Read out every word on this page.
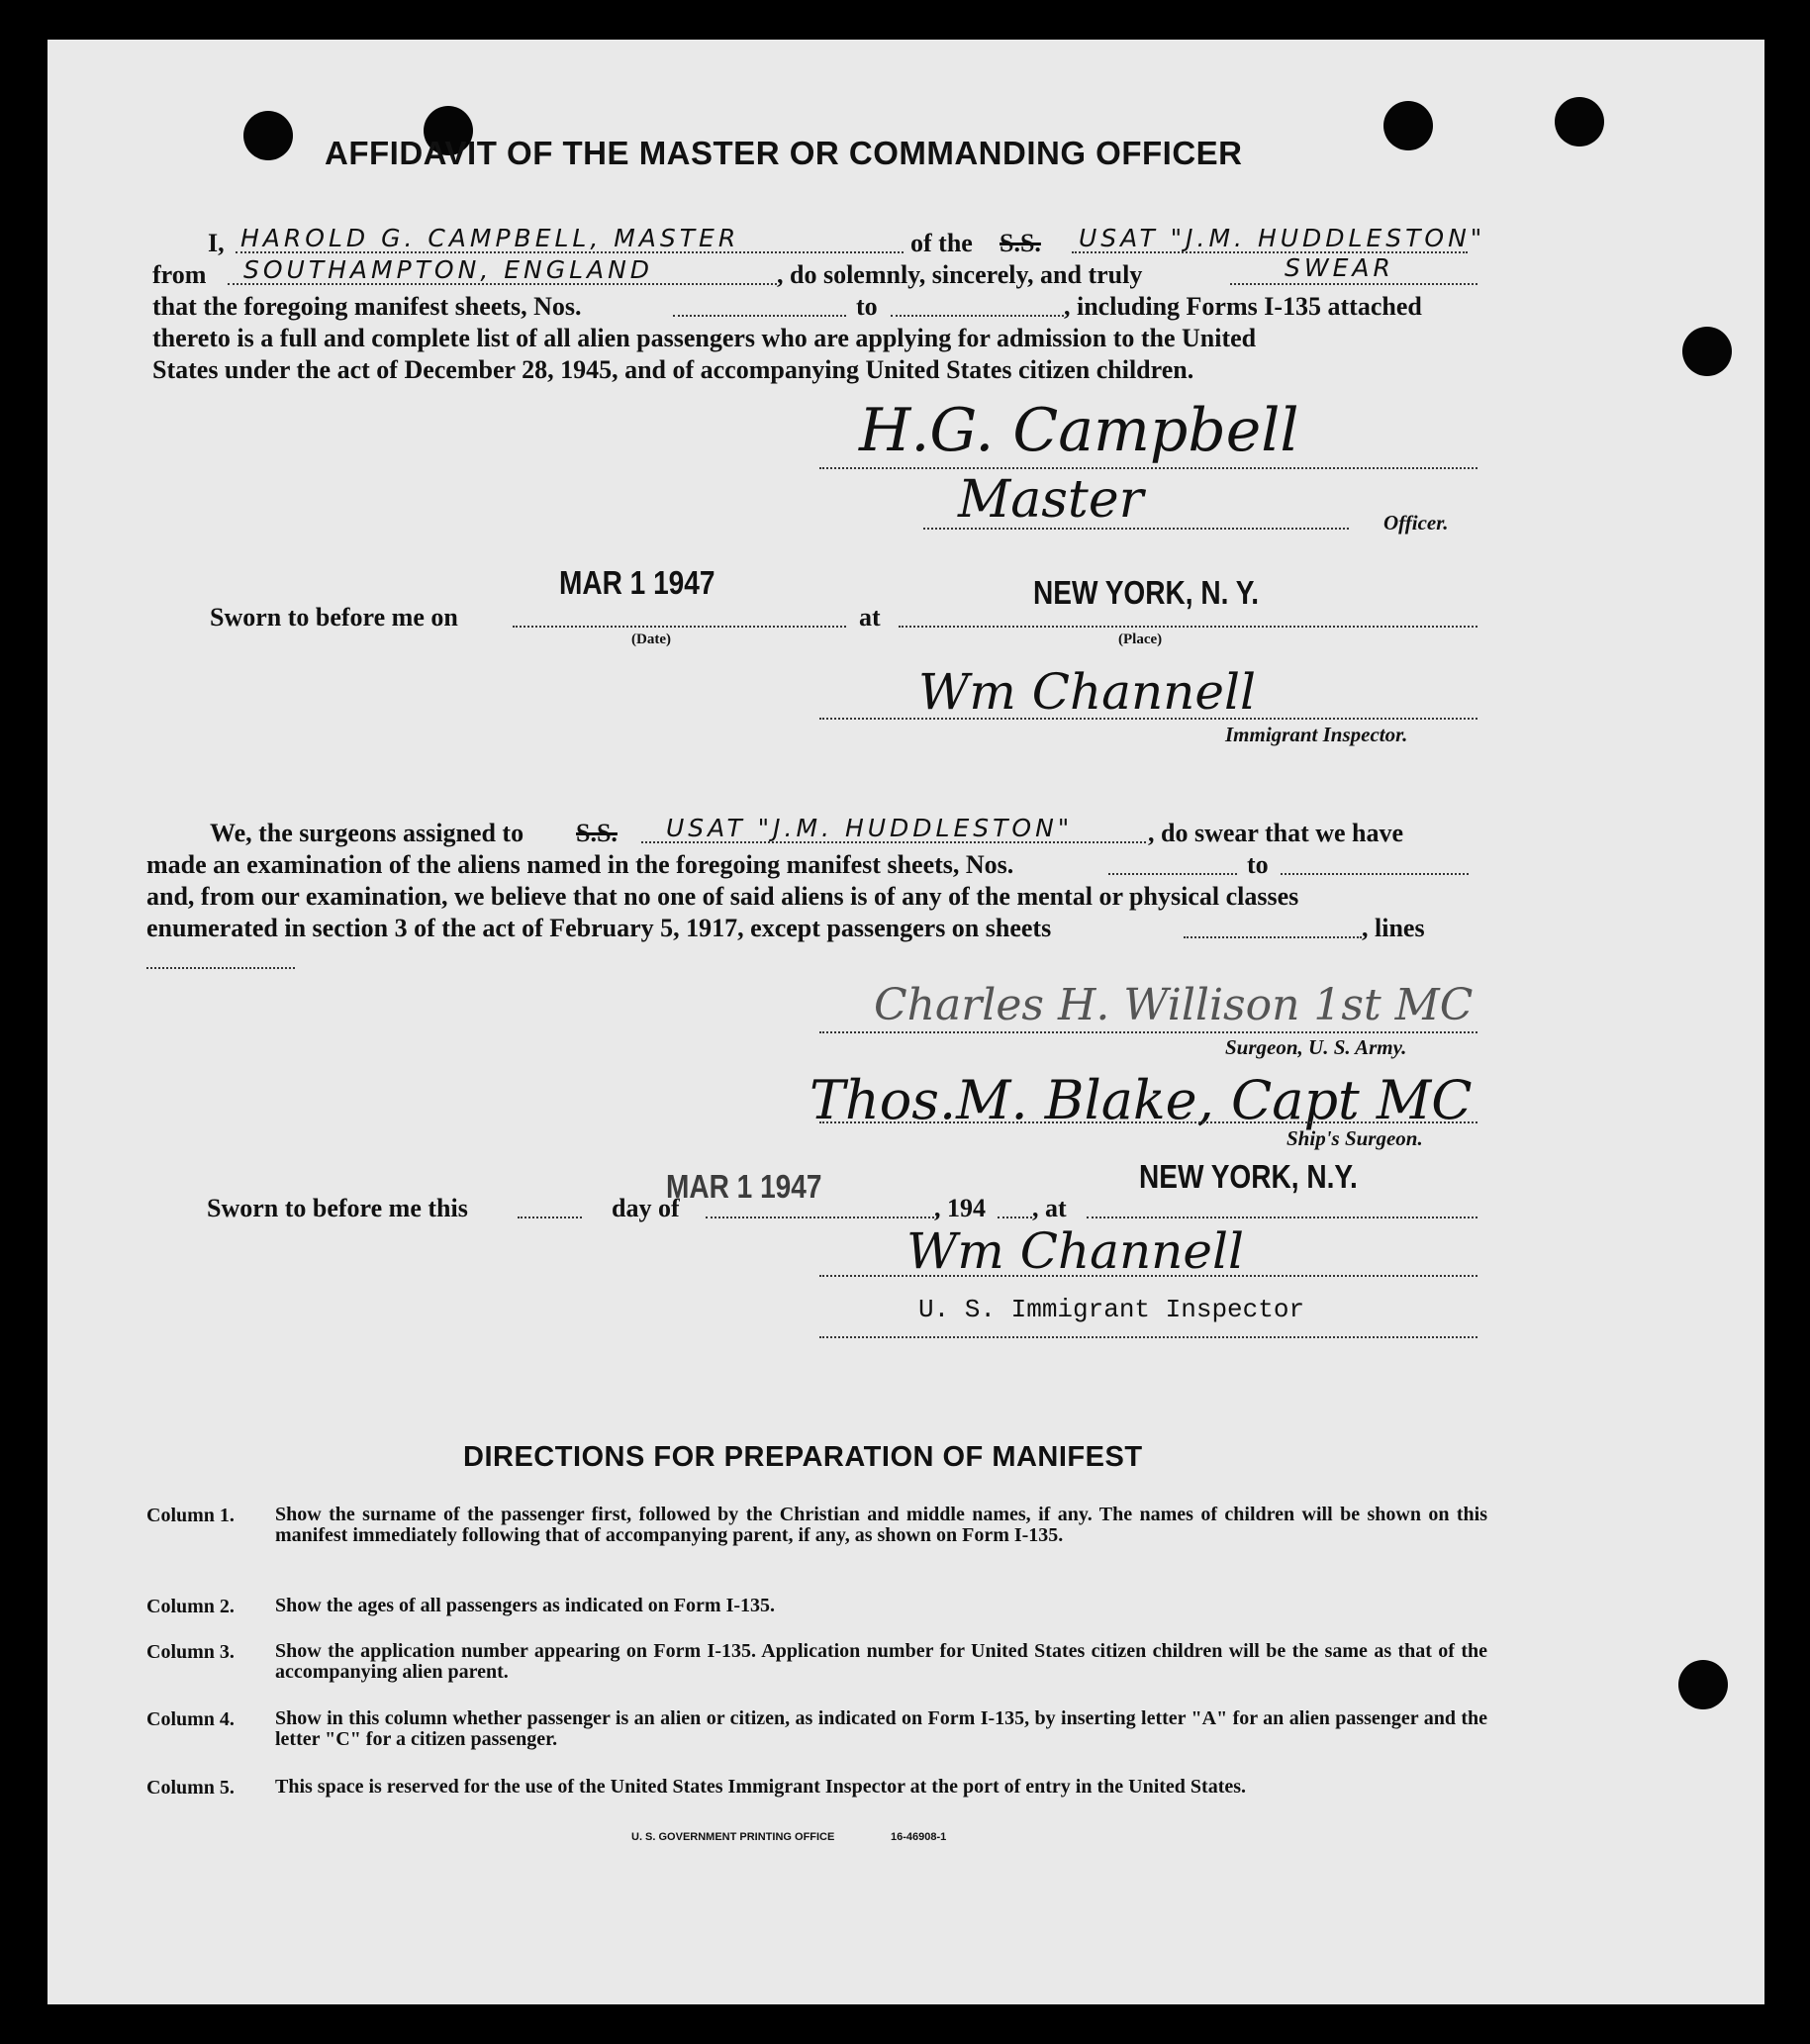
AFFIDAVIT OF THE MASTER OR COMMANDING OFFICER
I, HAROLD G. CAMPBELL, MASTER	of the S.S. USAT "J.M. HUDDLESTON"
from SOUTHAMPTON, ENGLAND	, do solemnly, sincerely, and truly	SWEAR
that the foregoing manifest sheets, Nos.	to	, including Forms I-135 attached
thereto is a full and complete list of all alien passengers who are applying for admission to the United
States under the act of December 28, 1945, and of accompanying United States citizen children.
H.G. Campbell
Master	Officer.
Sworn to before me on
MAR 1 1947
(Date)
at
NEW YORK, N. Y.
(Place)
Wm Channell
Immigrant Inspector.
We, the surgeons assigned to S.S. USAT "J.M. HUDDLESTON"	, do swear that we have
made an examination of the aliens named in the foregoing manifest sheets, Nos.	to
and, from our examination, we believe that no one of said aliens is of any of the mental or physical classes
enumerated in section 3 of the act of February 5, 1917, except passengers on sheets	, lines
Charles H. Willison 1st MC
Surgeon, U. S. Army.
Thos.M. Blake, Capt MC
Ship's Surgeon.
Sworn to before me this	day of
MAR 1 1947
, 194 , at
NEW YORK, N.Y.
Wm Channell
U. S. Immigrant Inspector
DIRECTIONS FOR PREPARATION OF MANIFEST
Column 1. Show the surname of the passenger first, followed by the Christian and middle names, if any. The names of children will be shown on this manifest immediately following that of accompanying parent, if any, as shown on Form I-135.
Column 2. Show the ages of all passengers as indicated on Form I-135.
Column 3. Show the application number appearing on Form I-135. Application number for United States citizen children will be the same as that of the accompanying alien parent.
Column 4. Show in this column whether passenger is an alien or citizen, as indicated on Form I-135, by inserting letter "A" for an alien passenger and the letter "C" for a citizen passenger.
Column 5. This space is reserved for the use of the United States Immigrant Inspector at the port of entry in the United States.
U. S. GOVERNMENT PRINTING OFFICE	16-46908-1
